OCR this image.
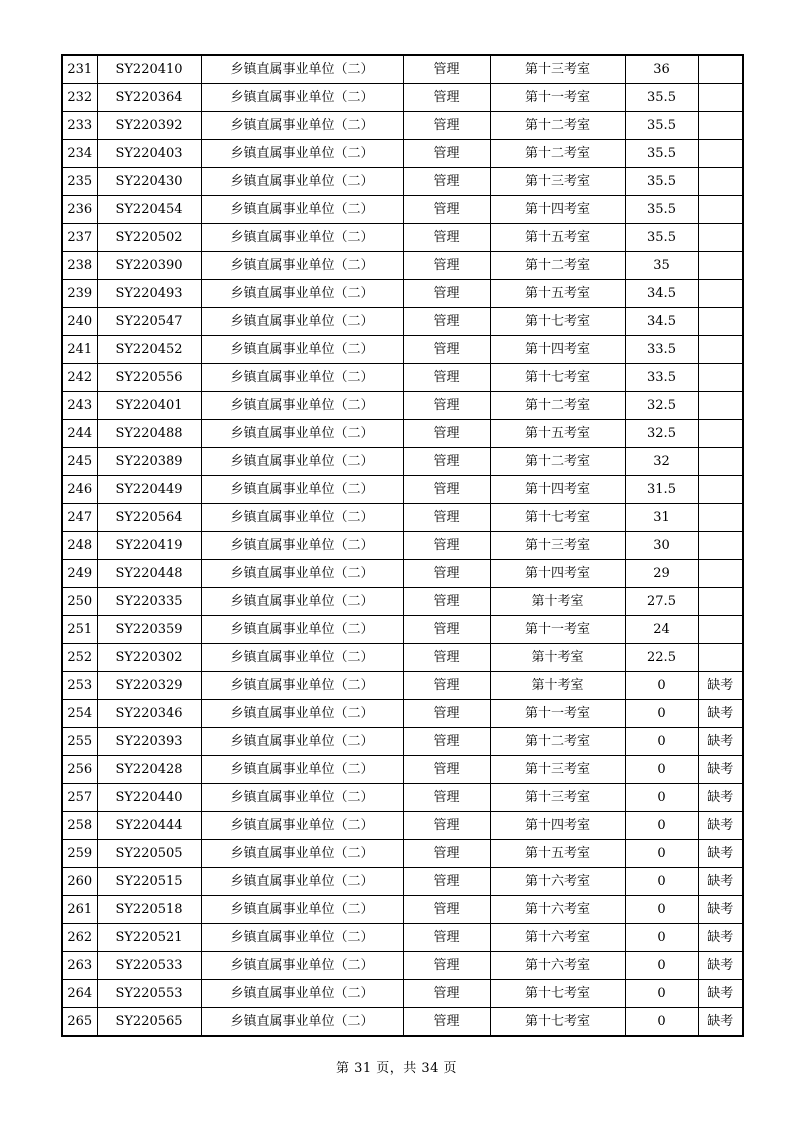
231	SY220410	乡镇直属事业单位（二）	管理	第十三考室	36	
232	SY220364	乡镇直属事业单位（二）	管理	第十一考室	35.5	
233	SY220392	乡镇直属事业单位（二）	管理	第十二考室	35.5	
234	SY220403	乡镇直属事业单位（二）	管理	第十二考室	35.5	
235	SY220430	乡镇直属事业单位（二）	管理	第十三考室	35.5	
236	SY220454	乡镇直属事业单位（二）	管理	第十四考室	35.5	
237	SY220502	乡镇直属事业单位（二）	管理	第十五考室	35.5	
238	SY220390	乡镇直属事业单位（二）	管理	第十二考室	35	
239	SY220493	乡镇直属事业单位（二）	管理	第十五考室	34.5	
240	SY220547	乡镇直属事业单位（二）	管理	第十七考室	34.5	
241	SY220452	乡镇直属事业单位（二）	管理	第十四考室	33.5	
242	SY220556	乡镇直属事业单位（二）	管理	第十七考室	33.5	
243	SY220401	乡镇直属事业单位（二）	管理	第十二考室	32.5	
244	SY220488	乡镇直属事业单位（二）	管理	第十五考室	32.5	
245	SY220389	乡镇直属事业单位（二）	管理	第十二考室	32	
246	SY220449	乡镇直属事业单位（二）	管理	第十四考室	31.5	
247	SY220564	乡镇直属事业单位（二）	管理	第十七考室	31	
248	SY220419	乡镇直属事业单位（二）	管理	第十三考室	30	
249	SY220448	乡镇直属事业单位（二）	管理	第十四考室	29	
250	SY220335	乡镇直属事业单位（二）	管理	第十考室	27.5	
251	SY220359	乡镇直属事业单位（二）	管理	第十一考室	24	
252	SY220302	乡镇直属事业单位（二）	管理	第十考室	22.5	
253	SY220329	乡镇直属事业单位（二）	管理	第十考室	0	缺考
254	SY220346	乡镇直属事业单位（二）	管理	第十一考室	0	缺考
255	SY220393	乡镇直属事业单位（二）	管理	第十二考室	0	缺考
256	SY220428	乡镇直属事业单位（二）	管理	第十三考室	0	缺考
257	SY220440	乡镇直属事业单位（二）	管理	第十三考室	0	缺考
258	SY220444	乡镇直属事业单位（二）	管理	第十四考室	0	缺考
259	SY220505	乡镇直属事业单位（二）	管理	第十五考室	0	缺考
260	SY220515	乡镇直属事业单位（二）	管理	第十六考室	0	缺考
261	SY220518	乡镇直属事业单位（二）	管理	第十六考室	0	缺考
262	SY220521	乡镇直属事业单位（二）	管理	第十六考室	0	缺考
263	SY220533	乡镇直属事业单位（二）	管理	第十六考室	0	缺考
264	SY220553	乡镇直属事业单位（二）	管理	第十七考室	0	缺考
265	SY220565	乡镇直属事业单位（二）	管理	第十七考室	0	缺考
第 31 页，共 34 页
